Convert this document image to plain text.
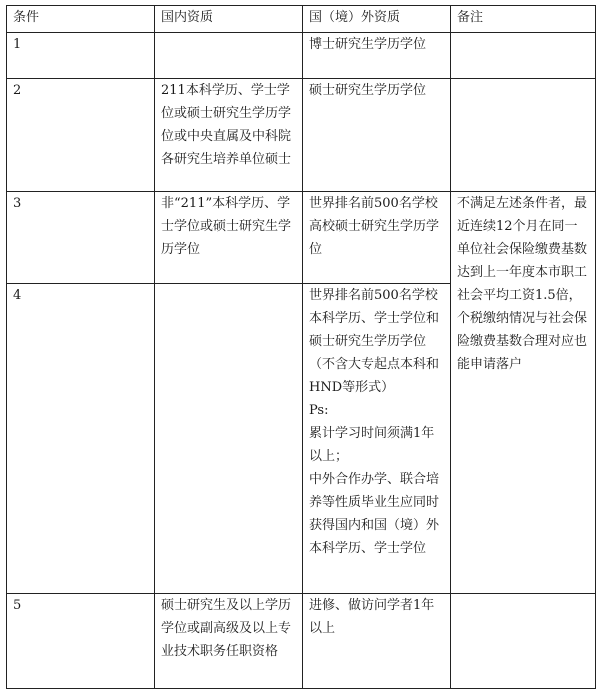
条件	国内资质	国（境）外资质	备注
1		博士研究生学历学位	
2	211本科学历、学士学位或硕士研究生学历学位或中央直属及中科院各研究生培养单位硕士	硕士研究生学历学位	
3	非“211”本科学历、学士学位或硕士研究生学历学位	世界排名前500名学校高校硕士研究生学历学位	不满足左述条件者，最近连续12个月在同一单位社会保险缴费基数达到上一年度本市职工社会平均工资1.5倍，个税缴纳情况与社会保险缴费基数合理对应也能申请落户
4		世界排名前500名学校本科学历、学士学位和硕士研究生学历学位（不含大专起点本科和HND等形式）
Ps:
累计学习时间须满1年以上；
中外合作办学、联合培养等性质毕业生应同时获得国内和国（境）外本科学历、学士学位	

5	硕士研究生及以上学历学位或副高级及以上专业技术职务任职资格	进修、做访问学者1年以上	
